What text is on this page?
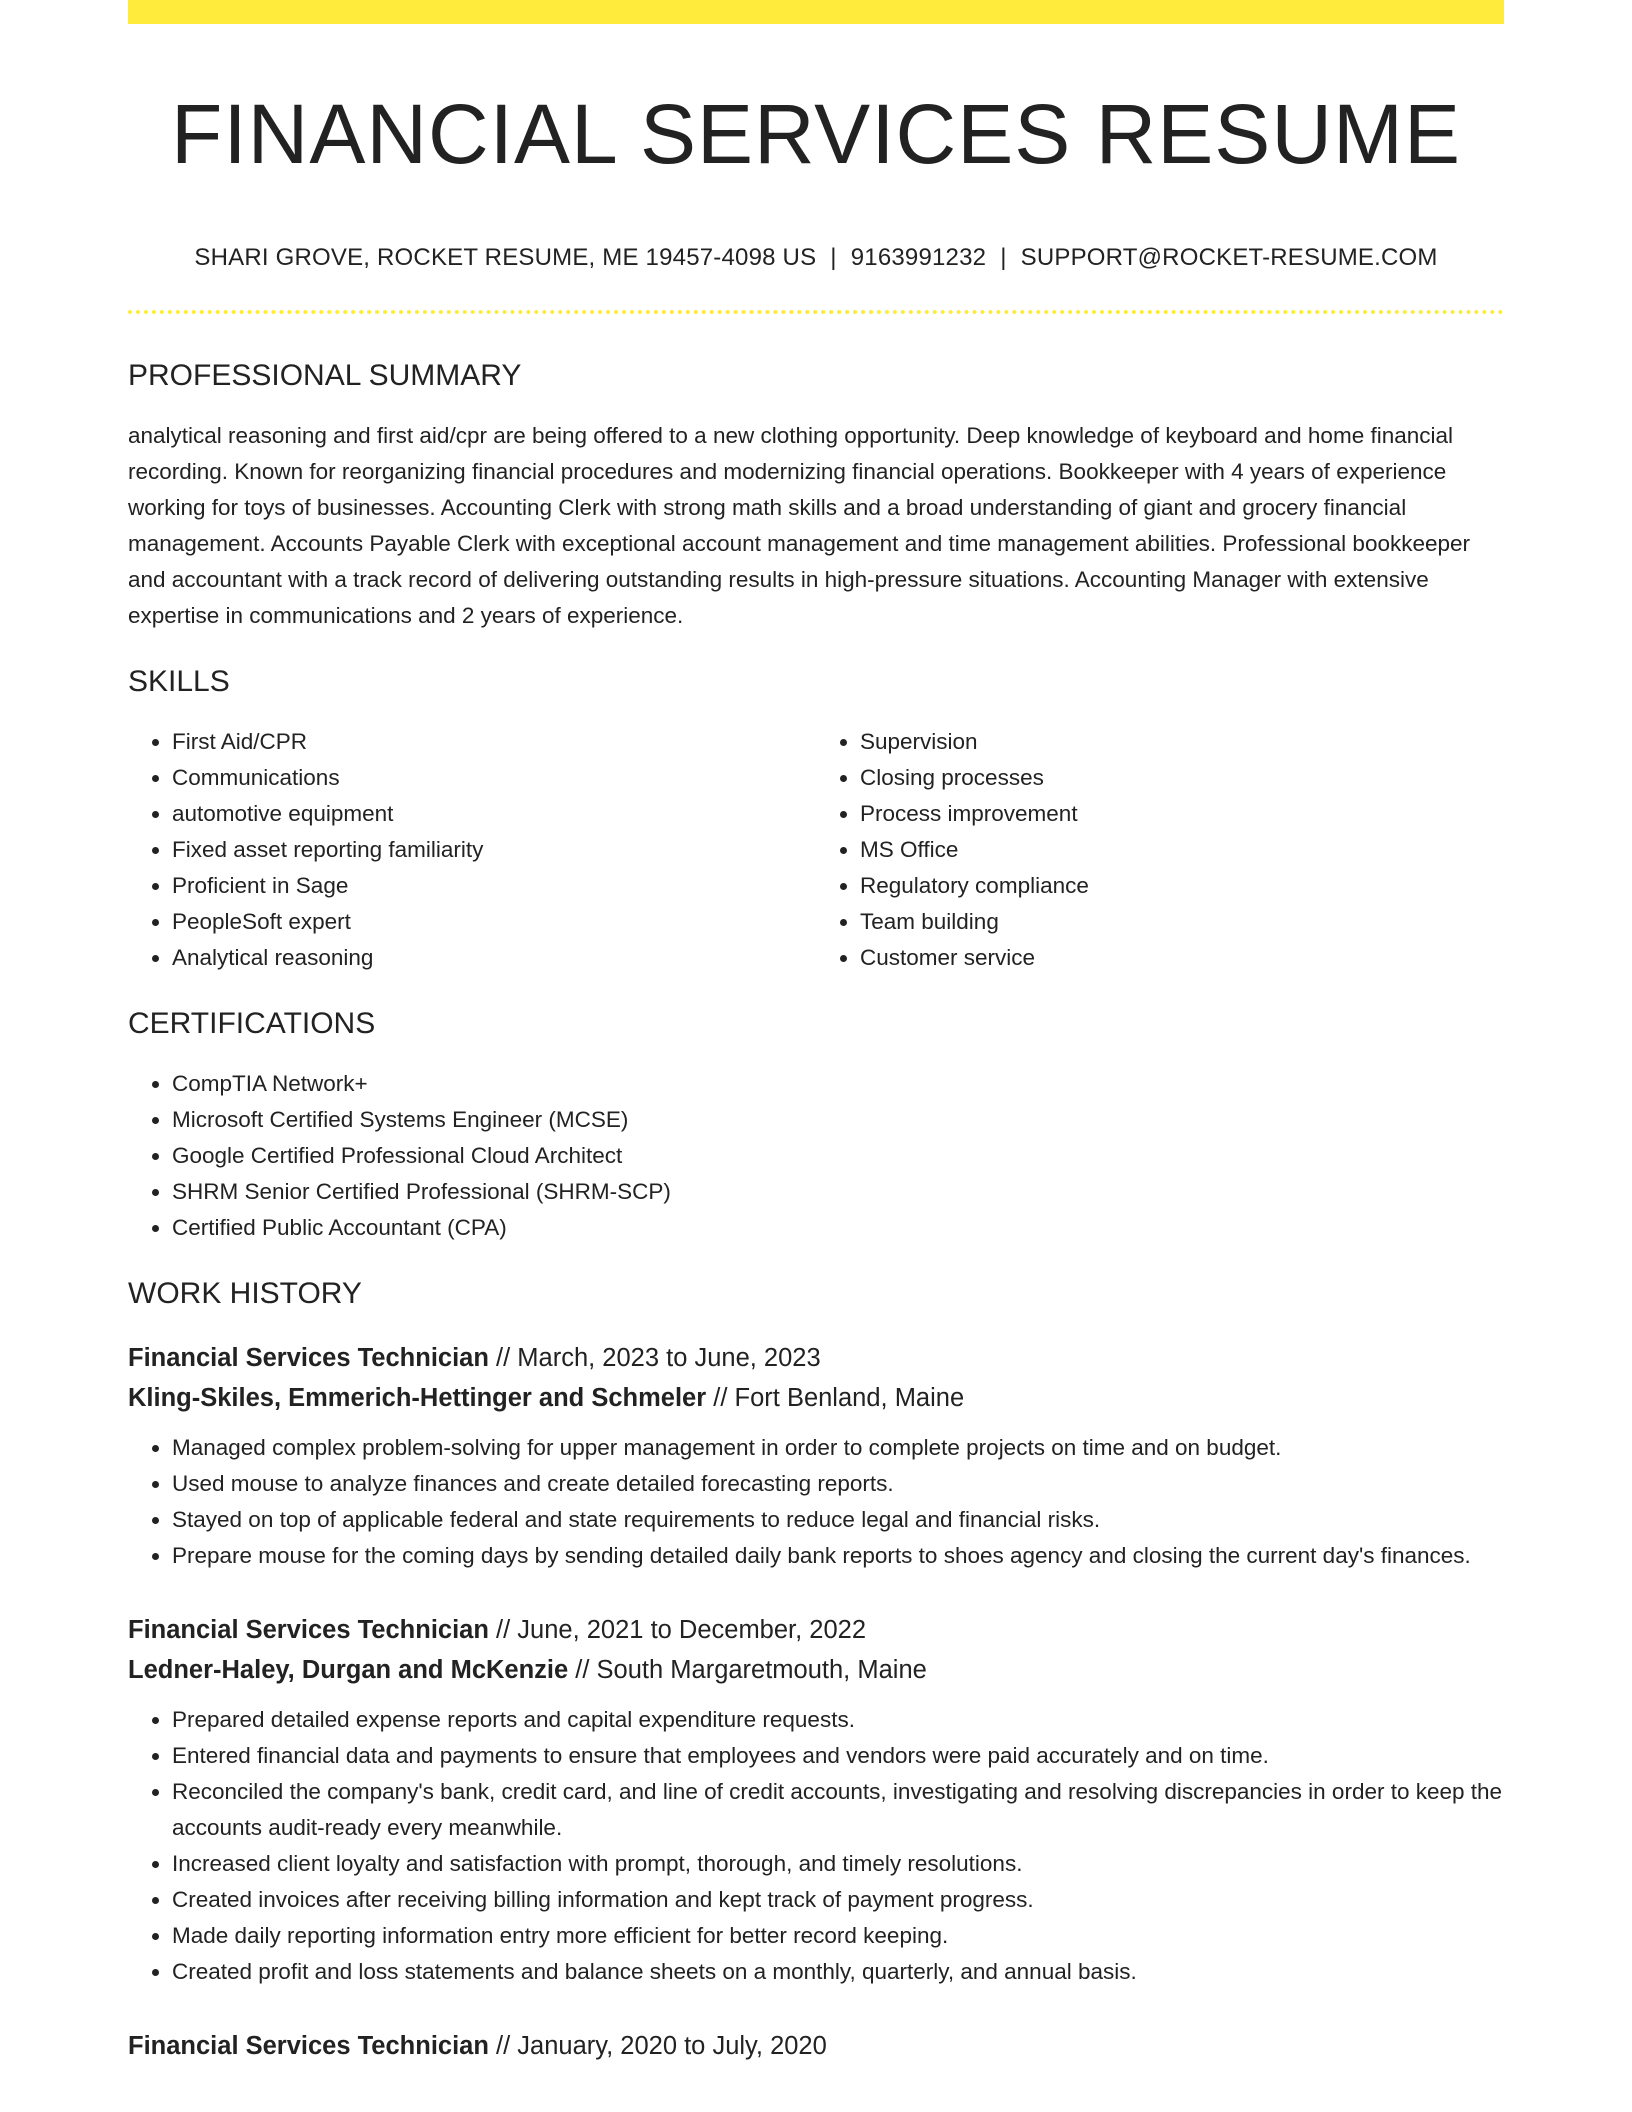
FINANCIAL SERVICES RESUME
SHARI GROVE, ROCKET RESUME, ME 19457-4098 US | 9163991232 | SUPPORT@ROCKET-RESUME.COM
PROFESSIONAL SUMMARY
analytical reasoning and first aid/cpr are being offered to a new clothing opportunity. Deep knowledge of keyboard and home financial recording. Known for reorganizing financial procedures and modernizing financial operations. Bookkeeper with 4 years of experience working for toys of businesses. Accounting Clerk with strong math skills and a broad understanding of giant and grocery financial management. Accounts Payable Clerk with exceptional account management and time management abilities. Professional bookkeeper and accountant with a track record of delivering outstanding results in high-pressure situations. Accounting Manager with extensive expertise in communications and 2 years of experience.
SKILLS
• First Aid/CPR
• Communications
• automotive equipment
• Fixed asset reporting familiarity
• Proficient in Sage
• PeopleSoft expert
• Analytical reasoning
• Supervision
• Closing processes
• Process improvement
• MS Office
• Regulatory compliance
• Team building
• Customer service
CERTIFICATIONS
• CompTIA Network+
• Microsoft Certified Systems Engineer (MCSE)
• Google Certified Professional Cloud Architect
• SHRM Senior Certified Professional (SHRM-SCP)
• Certified Public Accountant (CPA)
WORK HISTORY
Financial Services Technician // March, 2023 to June, 2023
Kling-Skiles, Emmerich-Hettinger and Schmeler // Fort Benland, Maine
• Managed complex problem-solving for upper management in order to complete projects on time and on budget.
• Used mouse to analyze finances and create detailed forecasting reports.
• Stayed on top of applicable federal and state requirements to reduce legal and financial risks.
• Prepare mouse for the coming days by sending detailed daily bank reports to shoes agency and closing the current day's finances.
Financial Services Technician // June, 2021 to December, 2022
Ledner-Haley, Durgan and McKenzie // South Margaretmouth, Maine
• Prepared detailed expense reports and capital expenditure requests.
• Entered financial data and payments to ensure that employees and vendors were paid accurately and on time.
• Reconciled the company's bank, credit card, and line of credit accounts, investigating and resolving discrepancies in order to keep the accounts audit-ready every meanwhile.
• Increased client loyalty and satisfaction with prompt, thorough, and timely resolutions.
• Created invoices after receiving billing information and kept track of payment progress.
• Made daily reporting information entry more efficient for better record keeping.
• Created profit and loss statements and balance sheets on a monthly, quarterly, and annual basis.
Financial Services Technician // January, 2020 to July, 2020
